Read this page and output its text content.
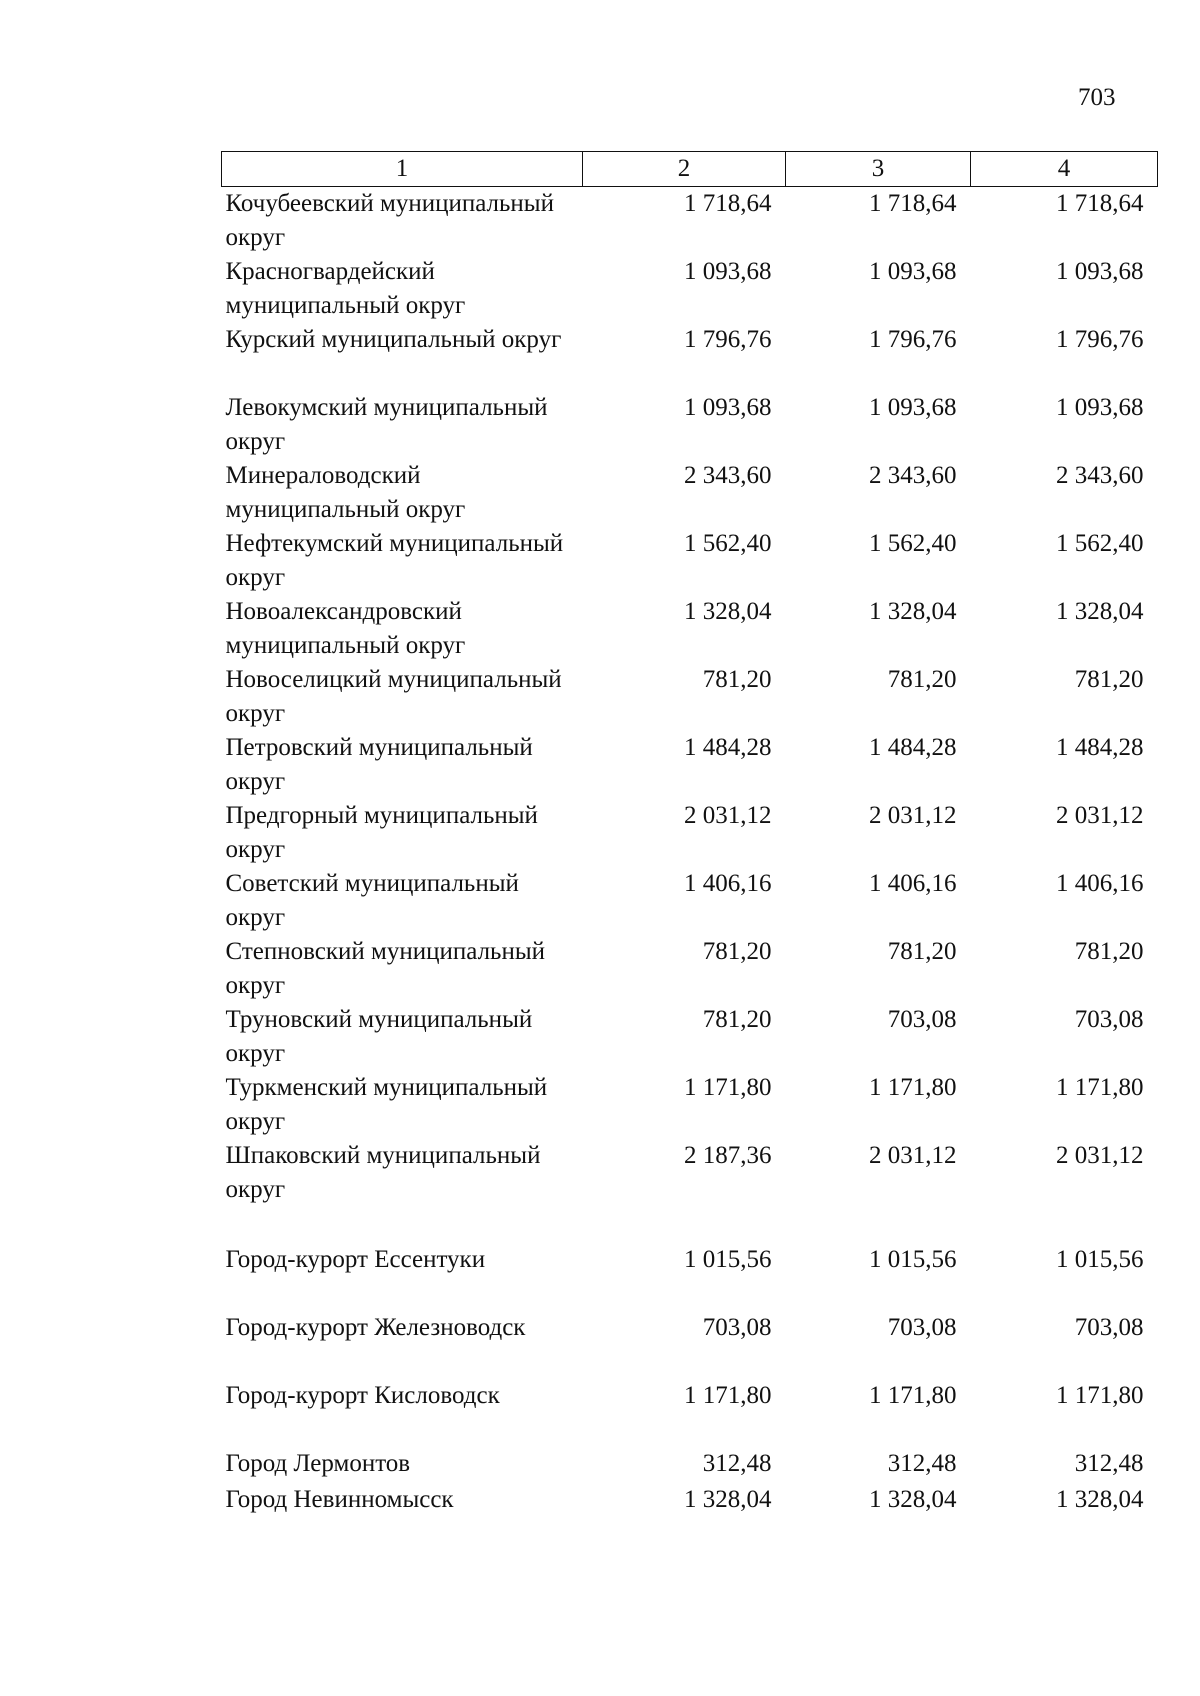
703
1	2	3	4
Кочубеевский муниципальный округ	1 718,64	1 718,64	1 718,64
Красногвардейский муниципальный округ	1 093,68	1 093,68	1 093,68
Курский муниципальный округ	1 796,76	1 796,76	1 796,76
Левокумский муниципальный округ	1 093,68	1 093,68	1 093,68
Минераловодский муниципальный округ	2 343,60	2 343,60	2 343,60
Нефтекумский муниципальный округ	1 562,40	1 562,40	1 562,40
Новоалександровский муниципальный округ	1 328,04	1 328,04	1 328,04
Новоселицкий муниципальный округ	781,20	781,20	781,20
Петровский муниципальный округ	1 484,28	1 484,28	1 484,28
Предгорный муниципальный округ	2 031,12	2 031,12	2 031,12
Советский муниципальный округ	1 406,16	1 406,16	1 406,16
Степновский муниципальный округ	781,20	781,20	781,20
Труновский муниципальный округ	781,20	703,08	703,08
Туркменский муниципальный округ	1 171,80	1 171,80	1 171,80
Шпаковский муниципальный округ	2 187,36	2 031,12	2 031,12

Город-курорт Ессентуки	1 015,56	1 015,56	1 015,56
Город-курорт Железноводск	703,08	703,08	703,08
Город-курорт Кисловодск	1 171,80	1 171,80	1 171,80
Город Лермонтов	312,48	312,48	312,48
Город Невинномысск	1 328,04	1 328,04	1 328,04
